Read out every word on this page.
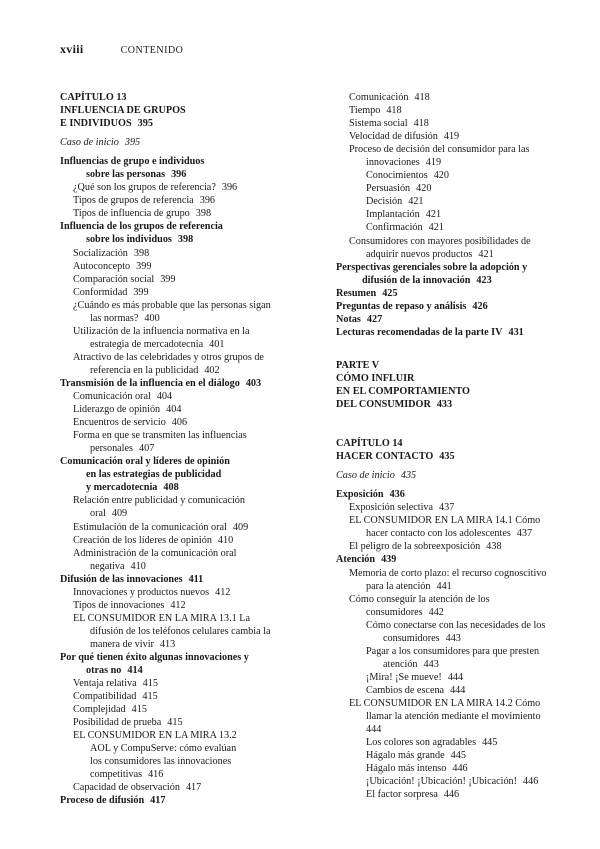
xviii	CONTENIDO
CAPÍTULO 13
INFLUENCIA DE GRUPOS
E INDIVIDUOS 395
Caso de inicio 395
Influencias de grupo e individuos
sobre las personas 396
¿Qué son los grupos de referencia? 396
Tipos de grupos de referencia 396
Tipos de influencia de grupo 398
Influencia de los grupos de referencia
sobre los individuos 398
Socialización 398
Autoconcepto 399
Comparación social 399
Conformidad 399
¿Cuándo es más probable que las personas sigan
las normas? 400
Utilización de la influencia normativa en la
estrategia de mercadotecnia 401
Atractivo de las celebridades y otros grupos de
referencia en la publicidad 402
Transmisión de la influencia en el diálogo 403
Comunicación oral 404
Liderazgo de opinión 404
Encuentros de servicio 406
Forma en que se transmiten las influencias
personales 407
Comunicación oral y líderes de opinión
en las estrategias de publicidad
y mercadotecnia 408
Relación entre publicidad y comunicación
oral 409
Estimulación de la comunicación oral 409
Creación de los líderes de opinión 410
Administración de la comunicación oral
negativa 410
Difusión de las innovaciones 411
Innovaciones y productos nuevos 412
Tipos de innovaciones 412
EL CONSUMIDOR EN LA MIRA 13.1 La
difusión de los teléfonos celulares cambia la
manera de vivir 413
Por qué tienen éxito algunas innovaciones y
otras no 414
Ventaja relativa 415
Compatibilidad 415
Complejidad 415
Posibilidad de prueba 415
EL CONSUMIDOR EN LA MIRA 13.2
AOL y CompuServe: cómo evalúan
los consumidores las innovaciones
competitivas 416
Capacidad de observación 417
Proceso de difusión 417
Comunicación 418
Tiempo 418
Sistema social 418
Velocidad de difusión 419
Proceso de decisión del consumidor para las
innovaciones 419
Conocimientos 420
Persuasión 420
Decisión 421
Implantación 421
Confirmación 421
Consumidores con mayores posibilidades de
adquirir nuevos productos 421
Perspectivas gerenciales sobre la adopción y
difusión de la innovación 423
Resumen 425
Preguntas de repaso y análisis 426
Notas 427
Lecturas recomendadas de la parte IV 431
PARTE V
CÓMO INFLUIR
EN EL COMPORTAMIENTO
DEL CONSUMIDOR 433
CAPÍTULO 14
HACER CONTACTO 435
Caso de inicio 435
Exposición 436
Exposición selectiva 437
EL CONSUMIDOR EN LA MIRA 14.1 Cómo
hacer contacto con los adolescentes 437
El peligro de la sobreexposición 438
Atención 439
Memoria de corto plazo: el recurso cognoscitivo
para la atención 441
Cómo conseguir la atención de los
consumidores 442
Cómo conectarse con las necesidades de los
consumidores 443
Pagar a los consumidores para que presten
atención 443
¡Mira! ¡Se mueve! 444
Cambios de escena 444
EL CONSUMIDOR EN LA MIRA 14.2 Cómo
llamar la atención mediante el movimiento
444
Los colores son agradables 445
Hágalo más grande 445
Hágalo más intenso 446
¡Ubicación! ¡Ubicación! ¡Ubicación! 446
El factor sorpresa 446
